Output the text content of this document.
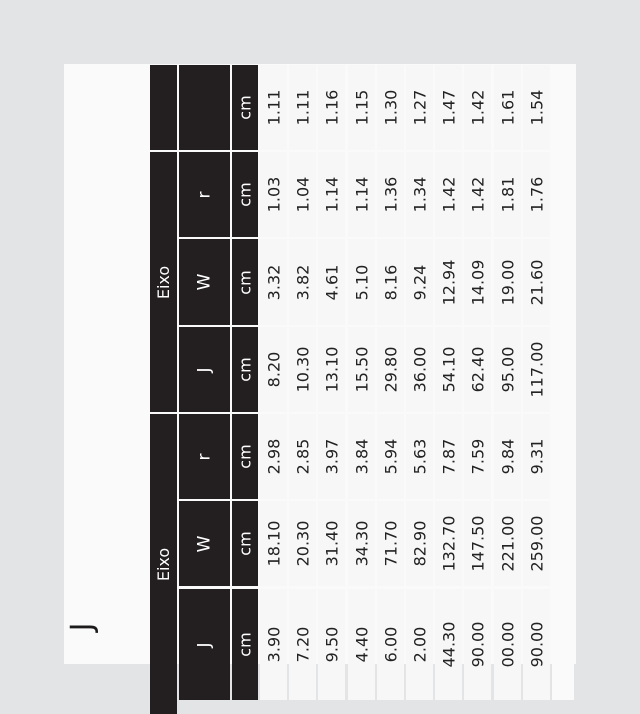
J
Eixo
Eixo
J cm
W cm
r cm
J cm
W cm
r cm
cm
3.90
18.10
2.98
8.20
3.32
1.03
1.11
7.20
20.30
2.85
10.30
3.82
1.04
1.11
9.50
31.40
3.97
13.10
4.61
1.14
1.16
4.40
34.30
3.84
15.50
5.10
1.14
1.15
6.00
71.70
5.94
29.80
8.16
1.36
1.30
2.00
82.90
5.63
36.00
9.24
1.34
1.27
44.30
132.70
7.87
54.10
12.94
1.42
1.47
90.00
147.50
7.59
62.40
14.09
1.42
1.42
00.00
221.00
9.84
95.00
19.00
1.81
1.61
90.00
259.00
9.31
117.00
21.60
1.76
1.54
